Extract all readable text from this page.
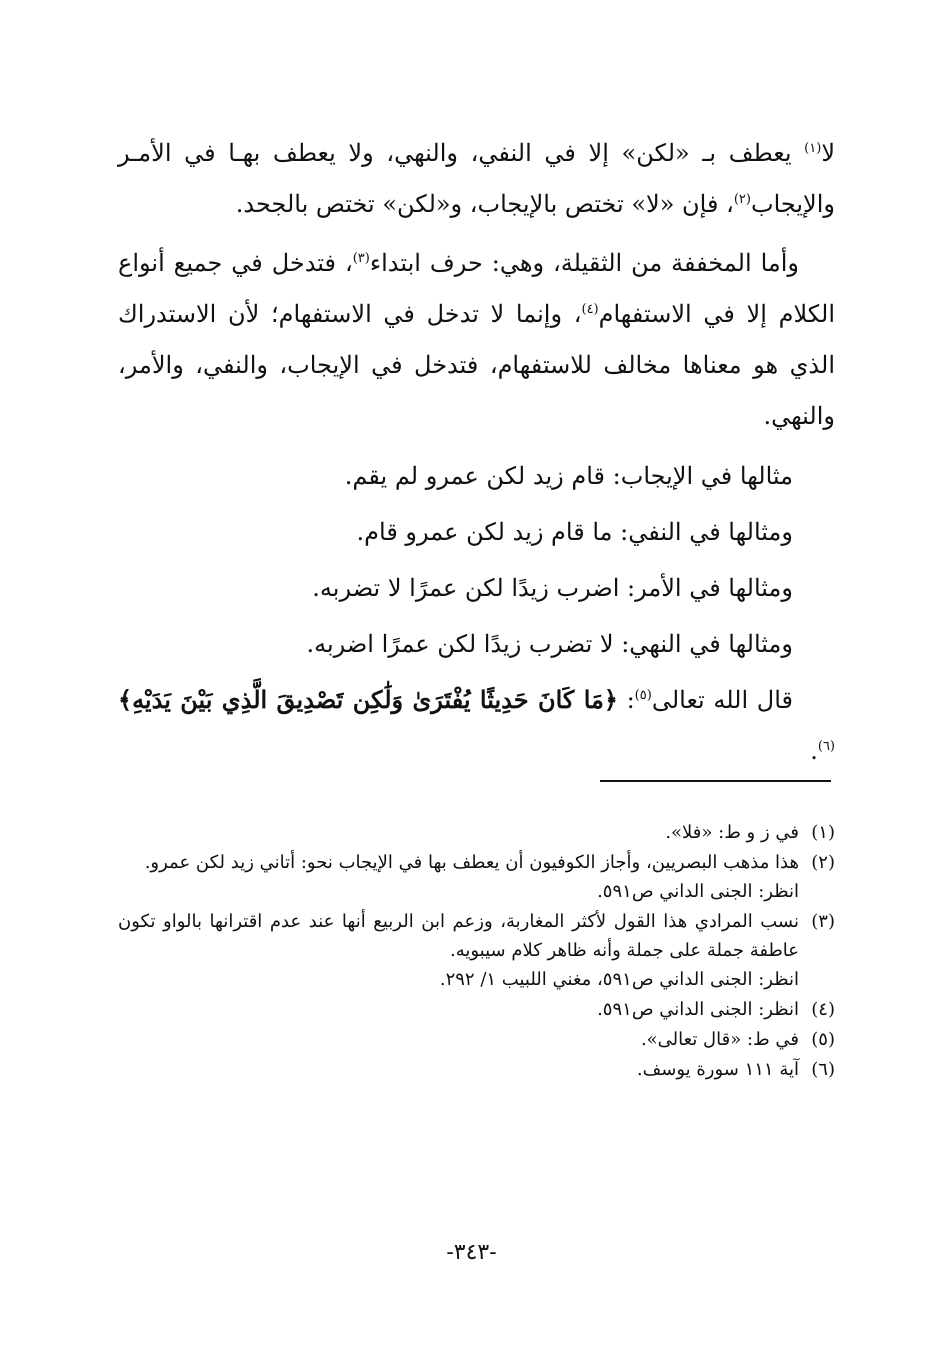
لا$^{(١)}$ يعطف بـ «لكن» إلا في النفي، والنهي، ولا يعطف بهـا في الأمـر والإيجاب$^{(٢)}$، فإن «لا» تختص بالإيجاب، و«لكن» تختص بالجحد.

وأما المخففة من الثقيلة، وهي: حرف ابتداء$^{(٣)}$، فتدخل في جميع أنواع الكلام إلا في الاستفهام$^{(٤)}$، وإنما لا تدخل في الاستفهام؛ لأن الاستدراك الذي هو معناها مخالف للاستفهام، فتدخل في الإيجاب، والنفي، والأمر، والنهي.

مثالها في الإيجاب: قام زيد لكن عمرو لم يقم.

ومثالها في النفي: ما قام زيد لكن عمرو قام.

ومثالها في الأمر: اضرب زيدًا لكن عمرًا لا تضربه.

ومثالها في النهي: لا تضرب زيدًا لكن عمرًا اضربه.

قال الله تعالى$^{(٥)}$: ﴿مَا كَانَ حَدِيثًا يُفْتَرَىٰ وَلَٰكِن تَصْدِيقَ الَّذِي بَيْنَ يَدَيْهِ﴾$^{(٦)}$.

(١)
في ز و ط: «فلا».
(٢)
هذا مذهب البصريين، وأجاز الكوفيون أن يعطف بها في الإيجاب نحو: أتاني زيد لكن عمرو.
انظر: الجنى الداني ص٥٩١.
(٣)
نسب المرادي هذا القول لأكثر المغاربة، وزعم ابن الربيع أنها عند عدم اقترانها بالواو تكون عاطفة جملة على جملة وأنه ظاهر كلام سيبويه.
انظر: الجنى الداني ص٥٩١، مغني اللبيب ١/ ٢٩٢.
(٤)
انظر: الجنى الداني ص٥٩١.
(٥)
في ط: «قال تعالى».
(٦)
آية ١١١ سورة يوسف.
-٣٤٣-
